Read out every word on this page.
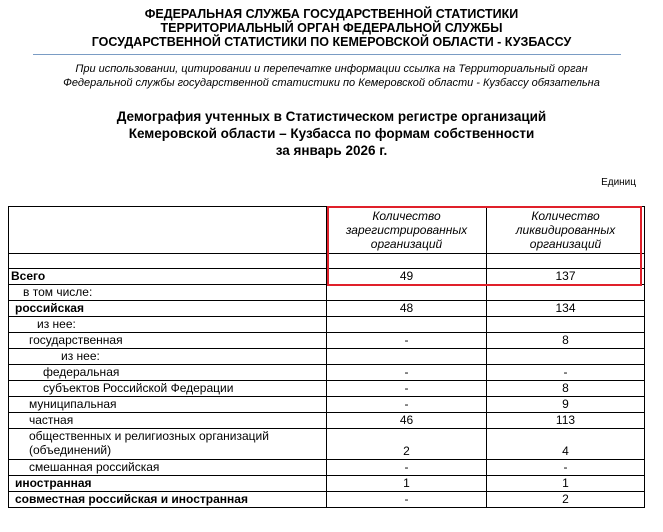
ФЕДЕРАЛЬНАЯ СЛУЖБА ГОСУДАРСТВЕННОЙ СТАТИСТИКИ
ТЕРРИТОРИАЛЬНЫЙ ОРГАН ФЕДЕРАЛЬНОЙ СЛУЖБЫ
ГОСУДАРСТВЕННОЙ СТАТИСТИКИ ПО КЕМЕРОВСКОЙ ОБЛАСТИ - КУЗБАССУ
При использовании, цитировании и перепечатке информации ссылка на Территориальный орган
Федеральной службы государственной статистики по Кемеровской области - Кузбассу обязательна
Демография учтенных в Статистическом регистре организаций
Кемеровской области – Кузбасса по формам собственности
за январь 2026 г.
Единиц
	Количество зарегистрированных организаций	Количество ликвидированных организаций

Всего	49	137
в том числе:		
российская	48	134
из нее:		
государственная	-	8
из нее:		
федеральная	-	-
субъектов Российской Федерации	-	8
муниципальная	-	9
частная	46	113
общественных и религиозных организаций (объединений)	2	4
смешанная российская	-	-
иностранная	1	1
совместная российская и иностранная	-	2
